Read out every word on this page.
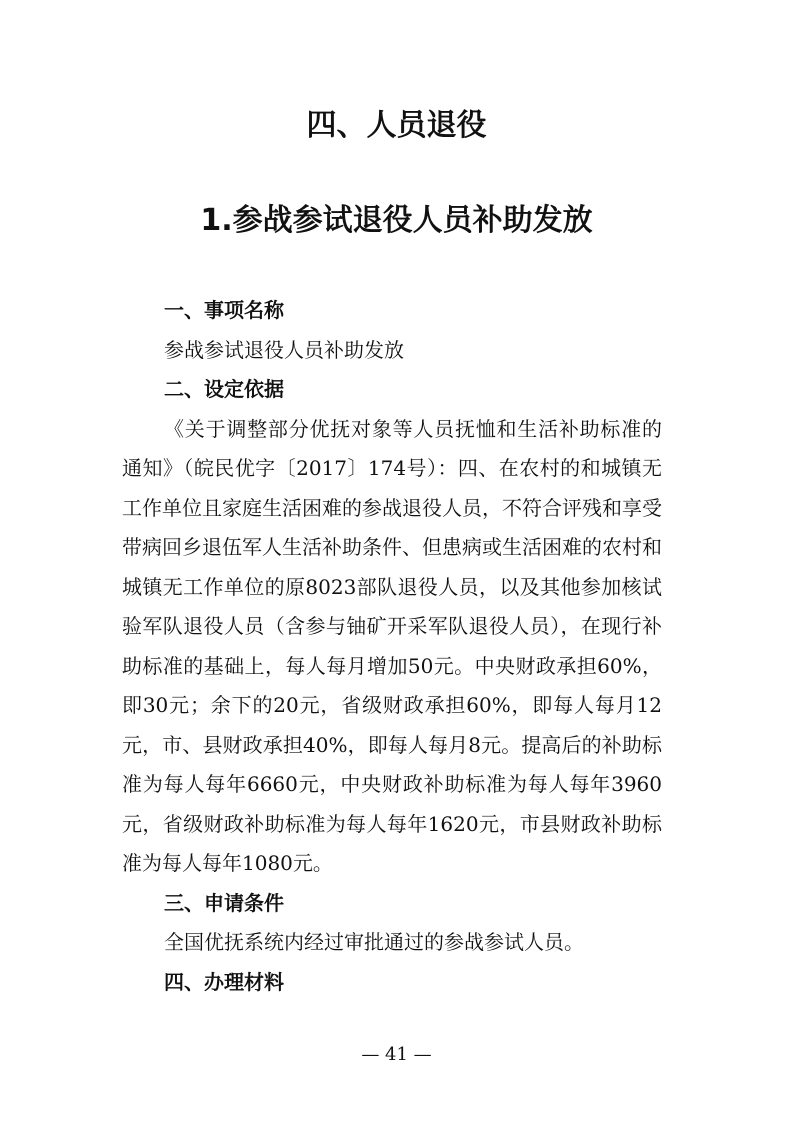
四、人员退役
1.参战参试退役人员补助发放

一、事项名称

参战参试退役人员补助发放

二、设定依据

《关于调整部分优抚对象等人员抚恤和生活补助标准的通知》（皖民优字〔2017〕174号）：四、在农村的和城镇无工作单位且家庭生活困难的参战退役人员，不符合评残和享受带病回乡退伍军人生活补助条件、但患病或生活困难的农村和城镇无工作单位的原8023部队退役人员，以及其他参加核试验军队退役人员（含参与铀矿开采军队退役人员），在现行补助标准的基础上，每人每月增加50元。中央财政承担60%，即30元；余下的20元，省级财政承担60%，即每人每月12元，市、县财政承担40%，即每人每月8元。提高后的补助标准为每人每年6660元，中央财政补助标准为每人每年3960元，省级财政补助标准为每人每年1620元，市县财政补助标准为每人每年1080元。

三、申请条件

全国优抚系统内经过审批通过的参战参试人员。

四、办理材料

— 41 —
